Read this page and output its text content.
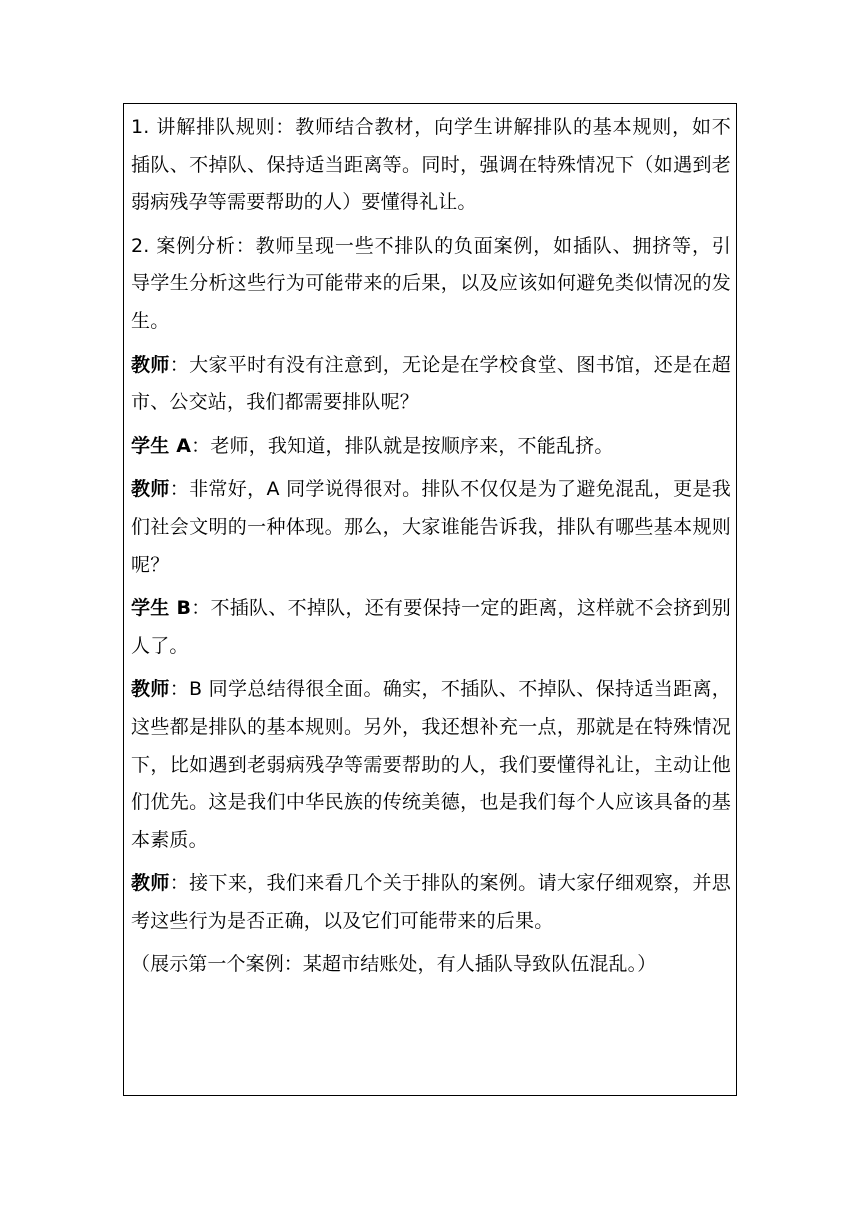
1. 讲解排队规则：教师结合教材，向学生讲解排队的基本规则，如不插队、不掉队、保持适当距离等。同时，强调在特殊情况下（如遇到老弱病残孕等需要帮助的人）要懂得礼让。

2. 案例分析：教师呈现一些不排队的负面案例，如插队、拥挤等，引导学生分析这些行为可能带来的后果，以及应该如何避免类似情况的发生。

教师：大家平时有没有注意到，无论是在学校食堂、图书馆，还是在超市、公交站，我们都需要排队呢？

学生 A：老师，我知道，排队就是按顺序来，不能乱挤。

教师：非常好，A 同学说得很对。排队不仅仅是为了避免混乱，更是我们社会文明的一种体现。那么，大家谁能告诉我，排队有哪些基本规则呢？

学生 B：不插队、不掉队，还有要保持一定的距离，这样就不会挤到别人了。

教师：B 同学总结得很全面。确实，不插队、不掉队、保持适当距离，这些都是排队的基本规则。另外，我还想补充一点，那就是在特殊情况下，比如遇到老弱病残孕等需要帮助的人，我们要懂得礼让，主动让他们优先。这是我们中华民族的传统美德，也是我们每个人应该具备的基本素质。

教师：接下来，我们来看几个关于排队的案例。请大家仔细观察，并思考这些行为是否正确，以及它们可能带来的后果。

（展示第一个案例：某超市结账处，有人插队导致队伍混乱。）
